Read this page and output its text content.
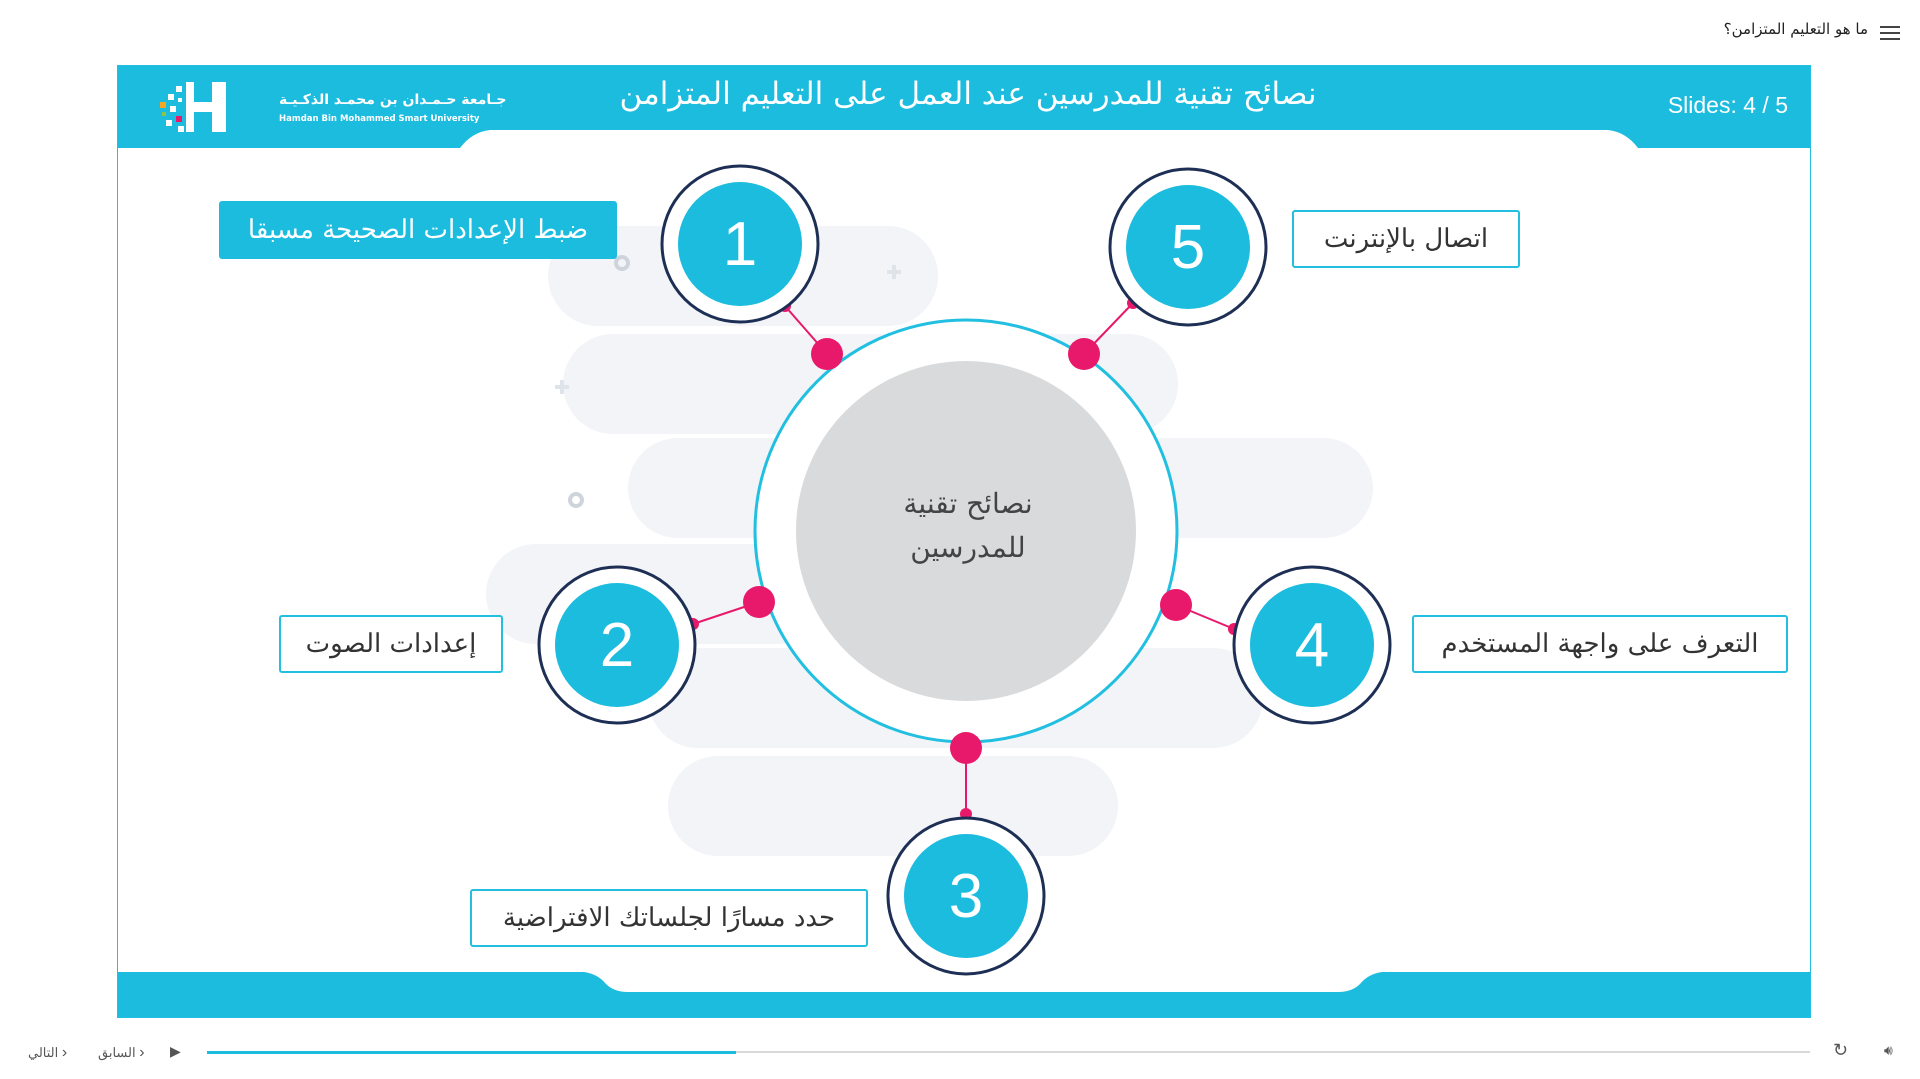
ما هو التعليم المتزامن؟
جـامعة حـمـدان بن محمـد الذكـيـة
Hamdan Bin Mohammed Smart University
نصائح تقنية للمدرسين عند العمل على التعليم المتزامن	Slides: 4 / 5
1	5
2	4
3
نصائح تقنية
للمدرسين
ضبط الإعدادات الصحيحة مسبقا	اتصال بالإنترنت
إعدادات الصوت	التعرف على واجهة المستخدم
حدد مسارًا لجلساتك الافتراضية
‹ التالي	‹ السابق	▶	↻	🔊︎
